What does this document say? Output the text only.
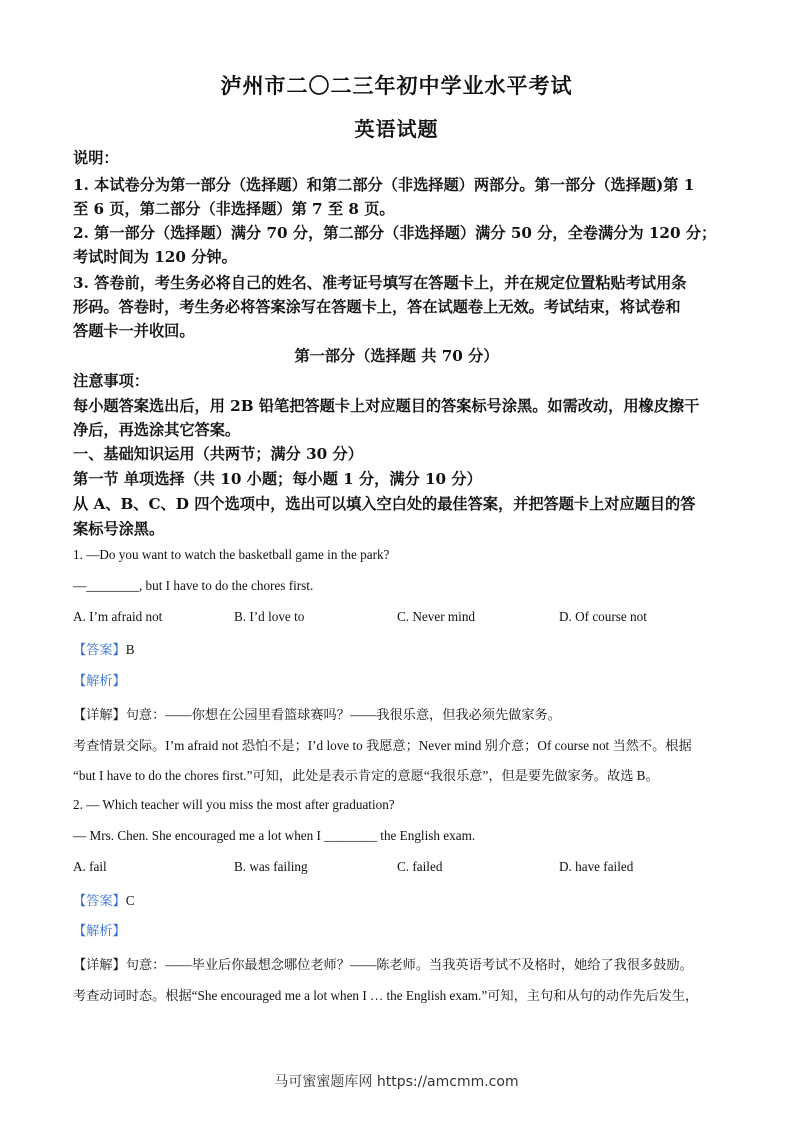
泸州市二〇二三年初中学业水平考试
英语试题
说明：
1. 本试卷分为第一部分（选择题）和第二部分（非选择题）两部分。第一部分（选择题)第 1
至 6 页，第二部分（非选择题）第 7 至 8 页。
2. 第一部分（选择题）满分 70 分，第二部分（非选择题）满分 50 分，全卷满分为 120 分；
考试时间为 120 分钟。
3. 答卷前，考生务必将自己的姓名、准考证号填写在答题卡上，并在规定位置粘贴考试用条
形码。答卷时，考生务必将答案涂写在答题卡上，答在试题卷上无效。考试结束，将试卷和
答题卡一并收回。
第一部分（选择题 共 70 分）
注意事项：
每小题答案选出后，用 2B 铅笔把答题卡上对应题目的答案标号涂黑。如需改动，用橡皮擦干
净后，再选涂其它答案。
一、基础知识运用（共两节；满分 30 分）
第一节 单项选择（共 10 小题；每小题 1 分，满分 10 分）
从 A、B、C、D 四个选项中，选出可以填入空白处的最佳答案，并把答题卡上对应题目的答
案标号涂黑。
1. —Do you want to watch the basketball game in the park?
—________, but I have to do the chores first.
A. I’m afraid not	B. I’d love to	C. Never mind	D. Of course not
【答案】B
【解析】
【详解】句意：——你想在公园里看篮球赛吗？——我很乐意，但我必须先做家务。
考查情景交际。I’m afraid not 恐怕不是；I’d love to 我愿意；Never mind 别介意；Of course not 当然不。根据
“but I have to do the chores first.”可知，此处是表示肯定的意愿“我很乐意”，但是要先做家务。故选 B。
2. — Which teacher will you miss the most after graduation?
— Mrs. Chen. She encouraged me a lot when I ________ the English exam.
A. fail	B. was failing	C. failed	D. have failed
【答案】C
【解析】
【详解】句意：——毕业后你最想念哪位老师？——陈老师。当我英语考试不及格时，她给了我很多鼓励。
考查动词时态。根据“She encouraged me a lot when I … the English exam.”可知，主句和从句的动作先后发生，
马可蜜蜜题库网 https://amcmm.com
